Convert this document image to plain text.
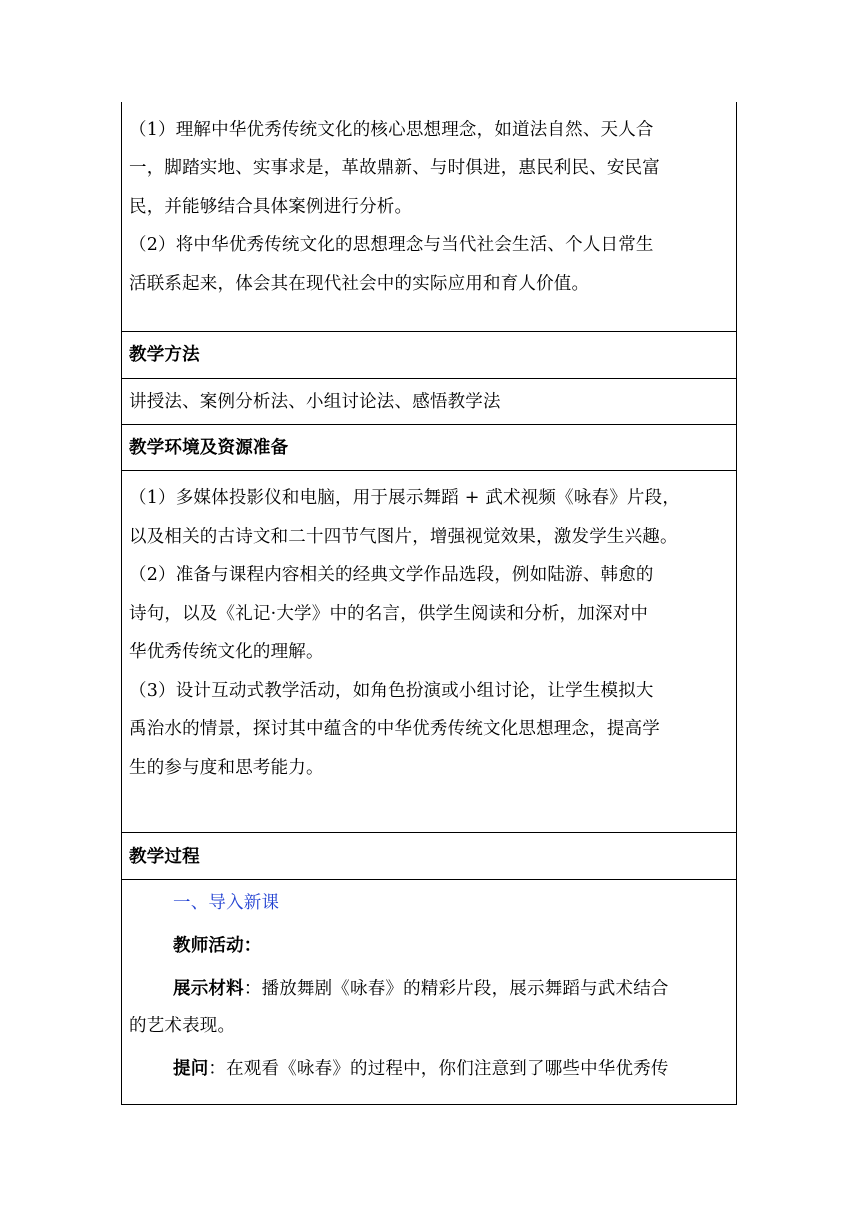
（1）理解中华优秀传统文化的核心思想理念，如道法自然、天人合
一，脚踏实地、实事求是，革故鼎新、与时俱进，惠民利民、安民富
民，并能够结合具体案例进行分析。
（2）将中华优秀传统文化的思想理念与当代社会生活、个人日常生
活联系起来，体会其在现代社会中的实际应用和育人价值。
教学方法
讲授法、案例分析法、小组讨论法、感悟教学法
教学环境及资源准备
（1）多媒体投影仪和电脑，用于展示舞蹈 + 武术视频《咏春》片段，
以及相关的古诗文和二十四节气图片，增强视觉效果，激发学生兴趣。
（2）准备与课程内容相关的经典文学作品选段，例如陆游、韩愈的
诗句，以及《礼记·大学》中的名言，供学生阅读和分析，加深对中
华优秀传统文化的理解。
（3）设计互动式教学活动，如角色扮演或小组讨论，让学生模拟大
禹治水的情景，探讨其中蕴含的中华优秀传统文化思想理念，提高学
生的参与度和思考能力。
教学过程
一、导入新课
教师活动：
展示材料：播放舞剧《咏春》的精彩片段，展示舞蹈与武术结合
的艺术表现。
提问：在观看《咏春》的过程中，你们注意到了哪些中华优秀传
